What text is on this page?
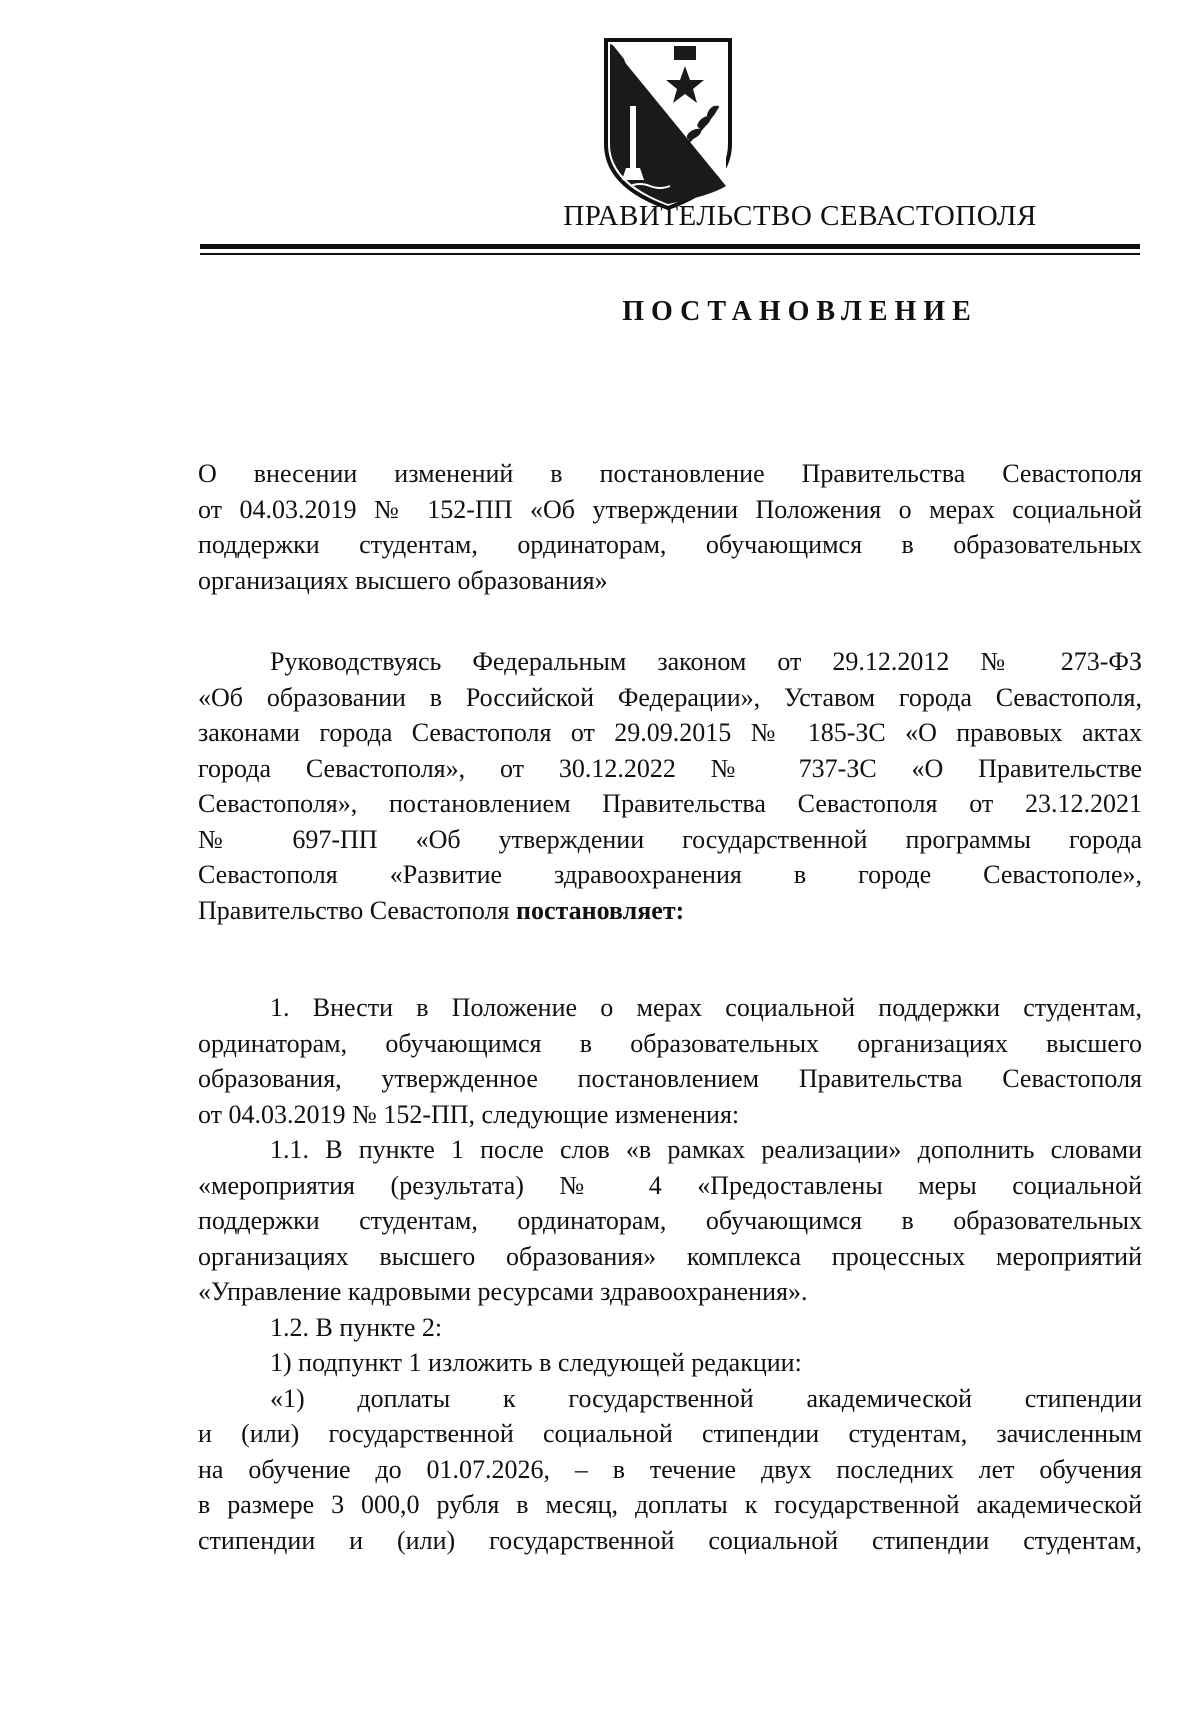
ПРАВИТЕЛЬСТВО СЕВАСТОПОЛЯ
ПОСТАНОВЛЕНИЕ
О внесении изменений в постановление Правительства Севастополя
от 04.03.2019 № 152-ПП «Об утверждении Положения о мерах социальной
поддержки студентам, ординаторам, обучающимся в образовательных
организациях высшего образования»
Руководствуясь Федеральным законом от 29.12.2012 № 273-ФЗ
«Об образовании в Российской Федерации», Уставом города Севастополя,
законами города Севастополя от 29.09.2015 № 185-ЗС «О правовых актах
города Севастополя», от 30.12.2022 № 737-ЗС «О Правительстве
Севастополя», постановлением Правительства Севастополя от 23.12.2021
№ 697-ПП «Об утверждении государственной программы города
Севастополя «Развитие здравоохранения в городе Севастополе»,
Правительство Севастополя постановляет:
1. Внести в Положение о мерах социальной поддержки студентам,
ординаторам, обучающимся в образовательных организациях высшего
образования, утвержденное постановлением Правительства Севастополя
от 04.03.2019 № 152-ПП, следующие изменения:
1.1. В пункте 1 после слов «в рамках реализации» дополнить словами
«мероприятия (результата) № 4 «Предоставлены меры социальной
поддержки студентам, ординаторам, обучающимся в образовательных
организациях высшего образования» комплекса процессных мероприятий
«Управление кадровыми ресурсами здравоохранения».
1.2. В пункте 2:
1) подпункт 1 изложить в следующей редакции:
«1) доплаты к государственной академической стипендии
и (или) государственной социальной стипендии студентам, зачисленным
на обучение до 01.07.2026, – в течение двух последних лет обучения
в размере 3 000,0 рубля в месяц, доплаты к государственной академической
стипендии и (или) государственной социальной стипендии студентам,
